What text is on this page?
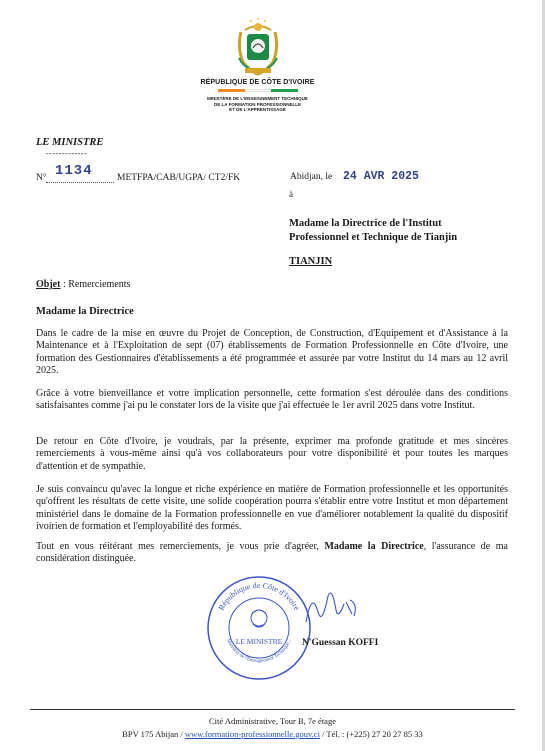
RÉPUBLIQUE DE CÔTE D'IVOIRE
MINISTÈRE DE L'ENSEIGNEMENT TECHNIQUE
DE LA FORMATION PROFESSIONNELLE
ET DE L'APPRENTISSAGE
LE MINISTRE
-------------
N° 1134	METFPA/CAB/UGPA/ CT2/FK	Abidjan, le 24 AVR 2025
à
Madame la Directrice de l'Institut
Professionnel et Technique de Tianjin
TIANJIN
Objet : Remerciements
Madame la Directrice
Dans le cadre de la mise en œuvre du Projet de Conception, de Construction, d'Equipement et d'Assistance à la Maintenance et à l'Exploitation de sept (07) établissements de Formation Professionnelle en Côte d'Ivoire, une formation des Gestionnaires d'établissements a été programmée et assurée par votre Institut du 14 mars au 12 avril 2025.
Grâce à votre bienveillance et votre implication personnelle, cette formation s'est déroulée dans des conditions satisfaisantes comme j'ai pu le constater lors de la visite que j'ai effectuée le 1er avril 2025 dans votre Institut.
De retour en Côte d'Ivoire, je voudrais, par la présente, exprimer ma profonde gratitude et mes sincères remerciements à vous-même ainsi qu'à vos collaborateurs pour votre disponibilité et pour toutes les marques d'attention et de sympathie.
Je suis convaincu qu'avec la longue et riche expérience en matière de Formation professionnelle et les opportunités qu'offrent les résultats de cette visite, une solide coopération pourra s'établir entre votre Institut et mon département ministériel dans le domaine de la Formation professionnelle en vue d'améliorer notablement la qualité du dispositif ivoirien de formation et l'employabilité des formés.
Tout en vous réitérant mes remerciements, je vous prie d'agréer, Madame la Directrice, l'assurance de ma considération distinguée.
République de Côte d'Ivoire
Ministère de l'Enseignement Technique...
LE MINISTRE N'Guessan KOFFI
Cité Administrative, Tour B, 7e étage
BPV 175 Abijan / www.formation-professionnelle.gouv.ci / Tél. : (+225) 27 20 27 85 33
